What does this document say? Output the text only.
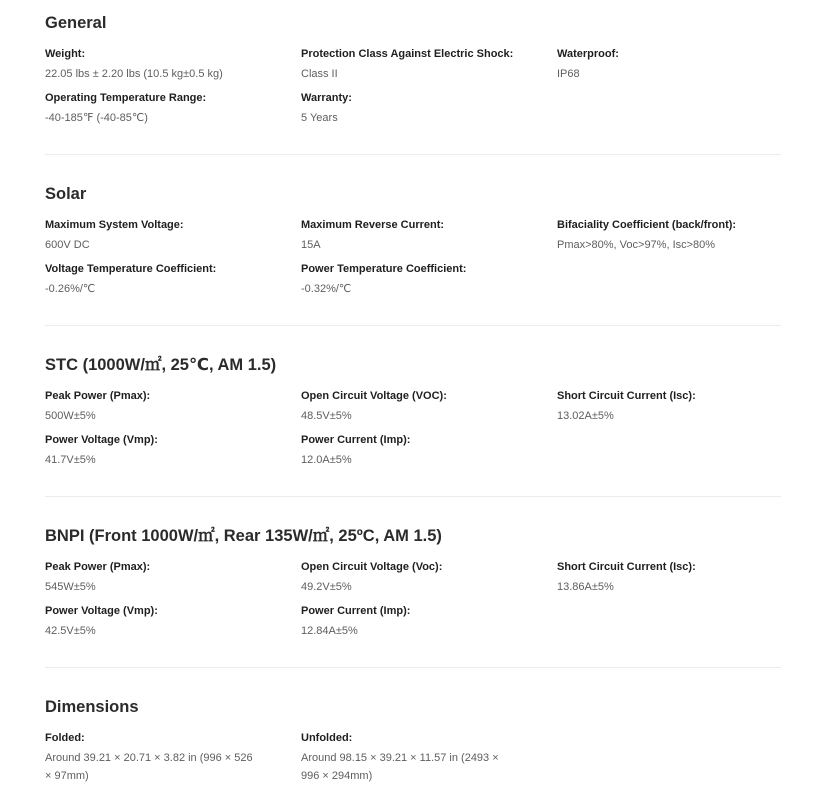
General
Weight:
22.05 lbs ± 2.20 lbs (10.5 kg±0.5 kg)
Protection Class Against Electric Shock:
Class II
Waterproof:
IP68
Operating Temperature Range:
-40-185℉ (-40-85℃)
Warranty:
5 Years
Solar
Maximum System Voltage:
600V DC
Maximum Reverse Current:
15A
Bifaciality Coefficient (back/front):
Pmax>80%, Voc>97%, Isc>80%
Voltage Temperature Coefficient:
-0.26%/℃
Power Temperature Coefficient:
-0.32%/℃
STC (1000W/㎡, 25℃, AM 1.5)
Peak Power (Pmax):
500W±5%
Open Circuit Voltage (VOC):
48.5V±5%
Short Circuit Current (Isc):
13.02A±5%
Power Voltage (Vmp):
41.7V±5%
Power Current (Imp):
12.0A±5%
BNPI (Front 1000W/㎡, Rear 135W/㎡, 25ºC, AM 1.5)
Peak Power (Pmax):
545W±5%
Open Circuit Voltage (Voc):
49.2V±5%
Short Circuit Current (Isc):
13.86A±5%
Power Voltage (Vmp):
42.5V±5%
Power Current (Imp):
12.84A±5%
Dimensions
Folded:
Around 39.21 × 20.71 × 3.82 in (996 × 526 × 97mm)
Unfolded:
Around 98.15 × 39.21 × 11.57 in (2493 × 996 × 294mm)
